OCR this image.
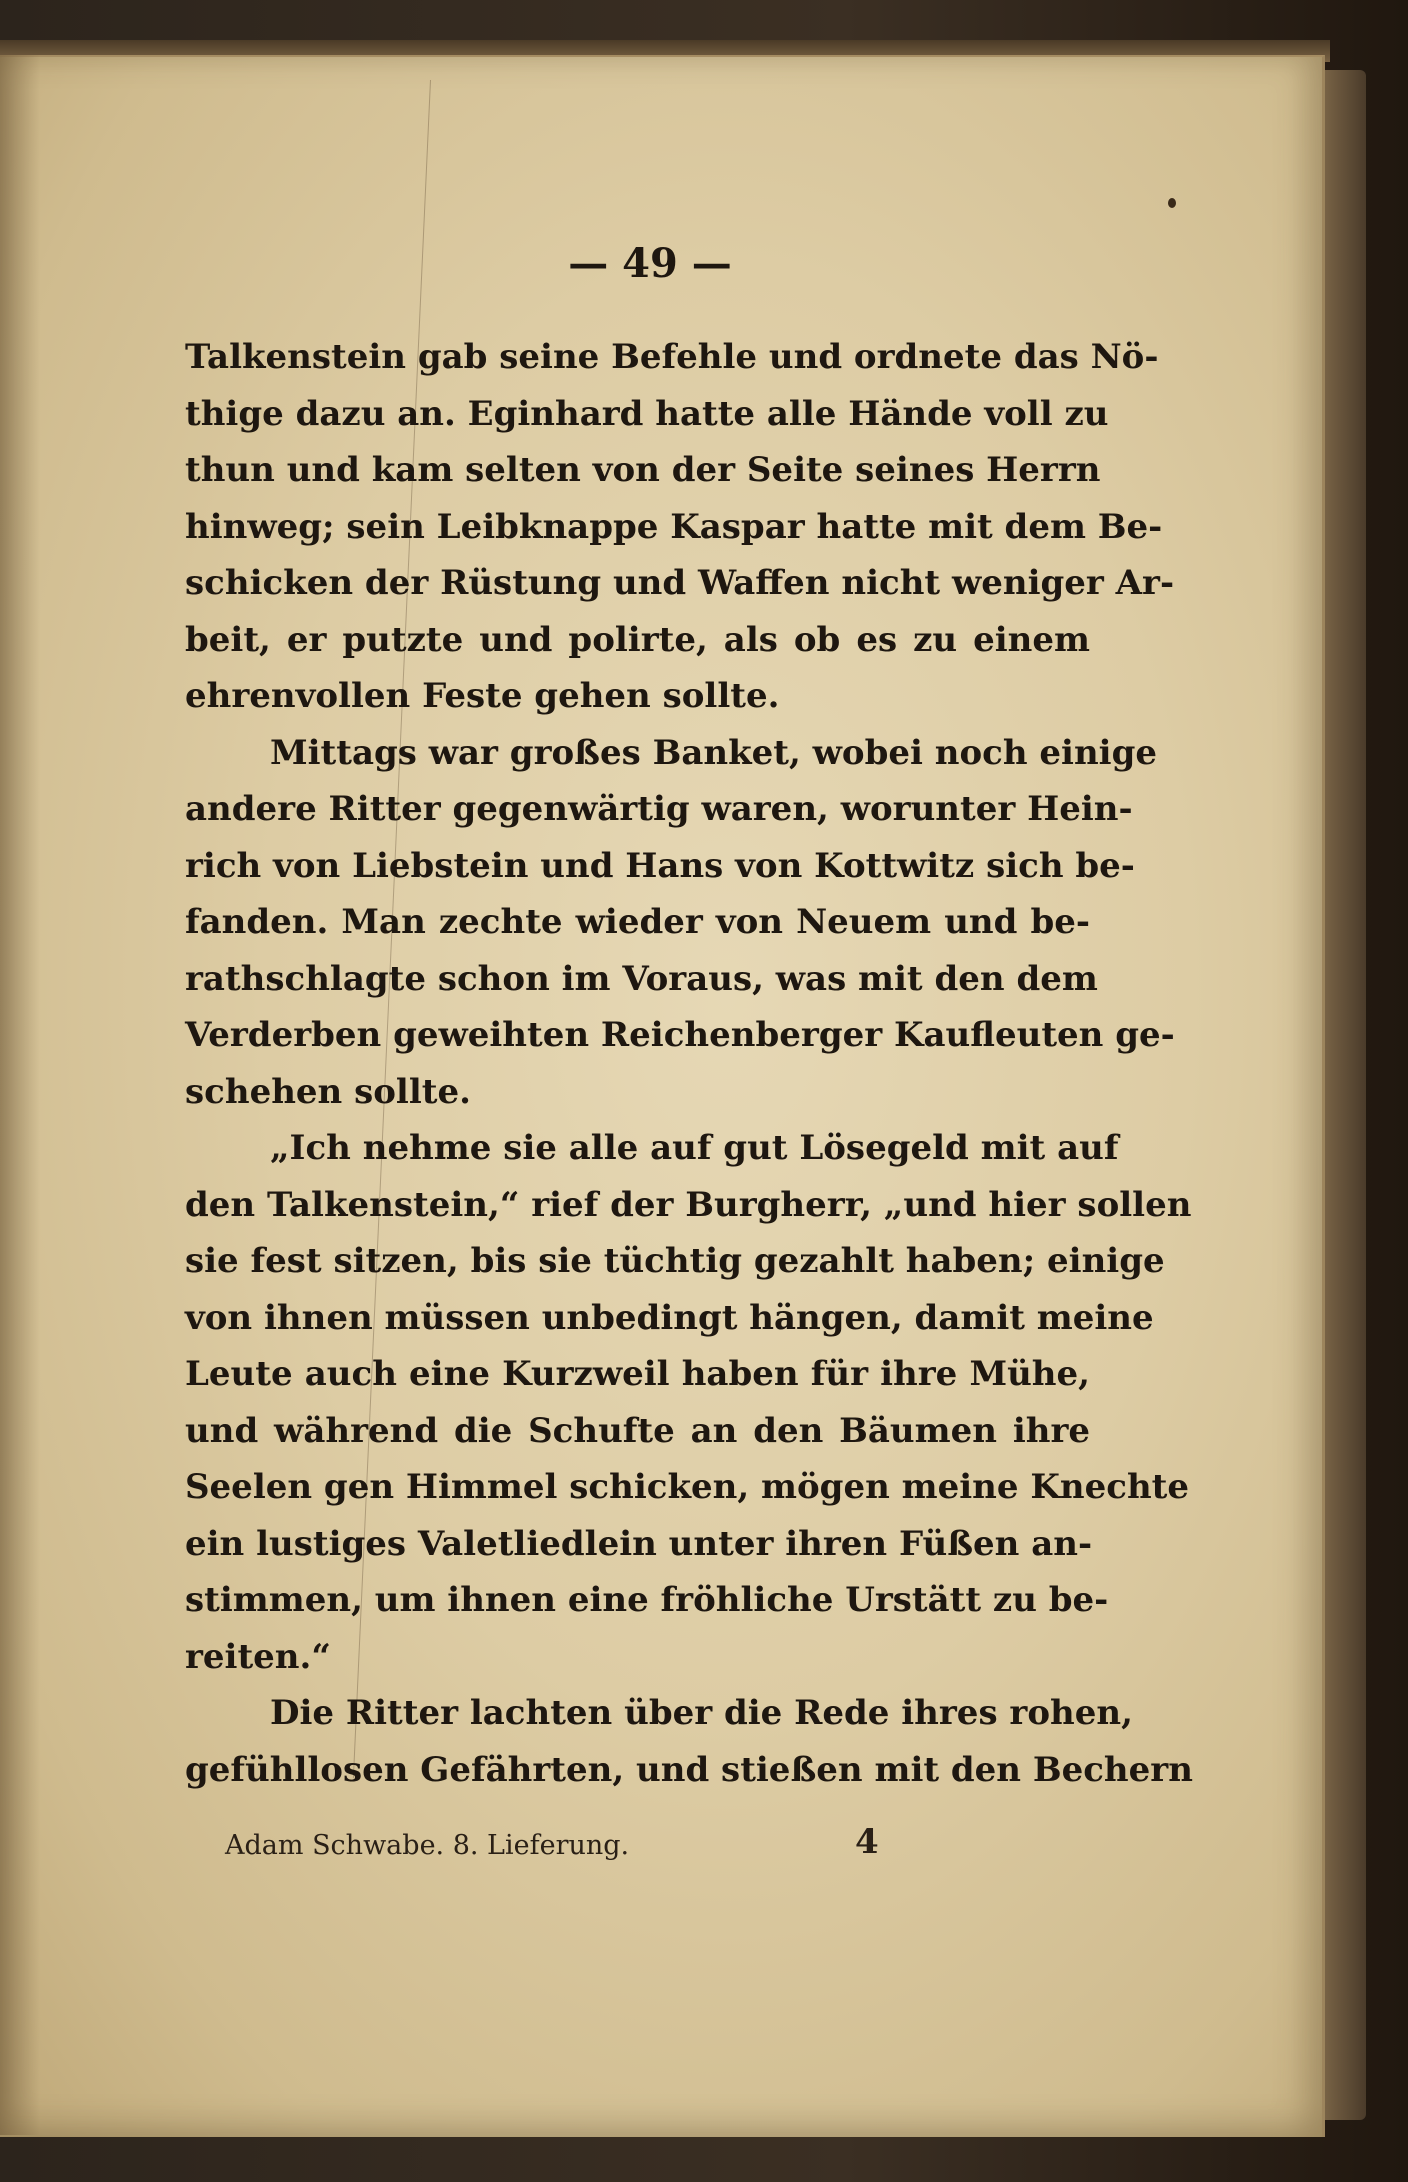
— 49 —
Talkenstein gab seine Befehle und ordnete das Nö-
thige dazu an. Eginhard hatte alle Hände voll zu
thun und kam selten von der Seite seines Herrn
hinweg; sein Leibknappe Kaspar hatte mit dem Be-
schicken der Rüstung und Waffen nicht weniger Ar-
beit, er putzte und polirte, als ob es zu einem
ehrenvollen Feste gehen sollte.
Mittags war großes Banket, wobei noch einige
andere Ritter gegenwärtig waren, worunter Hein-
rich von Liebstein und Hans von Kottwitz sich be-
fanden. Man zechte wieder von Neuem und be-
rathschlagte schon im Voraus, was mit den dem
Verderben geweihten Reichenberger Kaufleuten ge-
schehen sollte.
„Ich nehme sie alle auf gut Lösegeld mit auf
den Talkenstein,“ rief der Burgherr, „und hier sollen
sie fest sitzen, bis sie tüchtig gezahlt haben; einige
von ihnen müssen unbedingt hängen, damit meine
Leute auch eine Kurzweil haben für ihre Mühe,
und während die Schufte an den Bäumen ihre
Seelen gen Himmel schicken, mögen meine Knechte
ein lustiges Valetliedlein unter ihren Füßen an-
stimmen, um ihnen eine fröhliche Urstätt zu be-
reiten.“
Die Ritter lachten über die Rede ihres rohen,
gefühllosen Gefährten, und stießen mit den Bechern
Adam Schwabe. 8. Lieferung.	4
